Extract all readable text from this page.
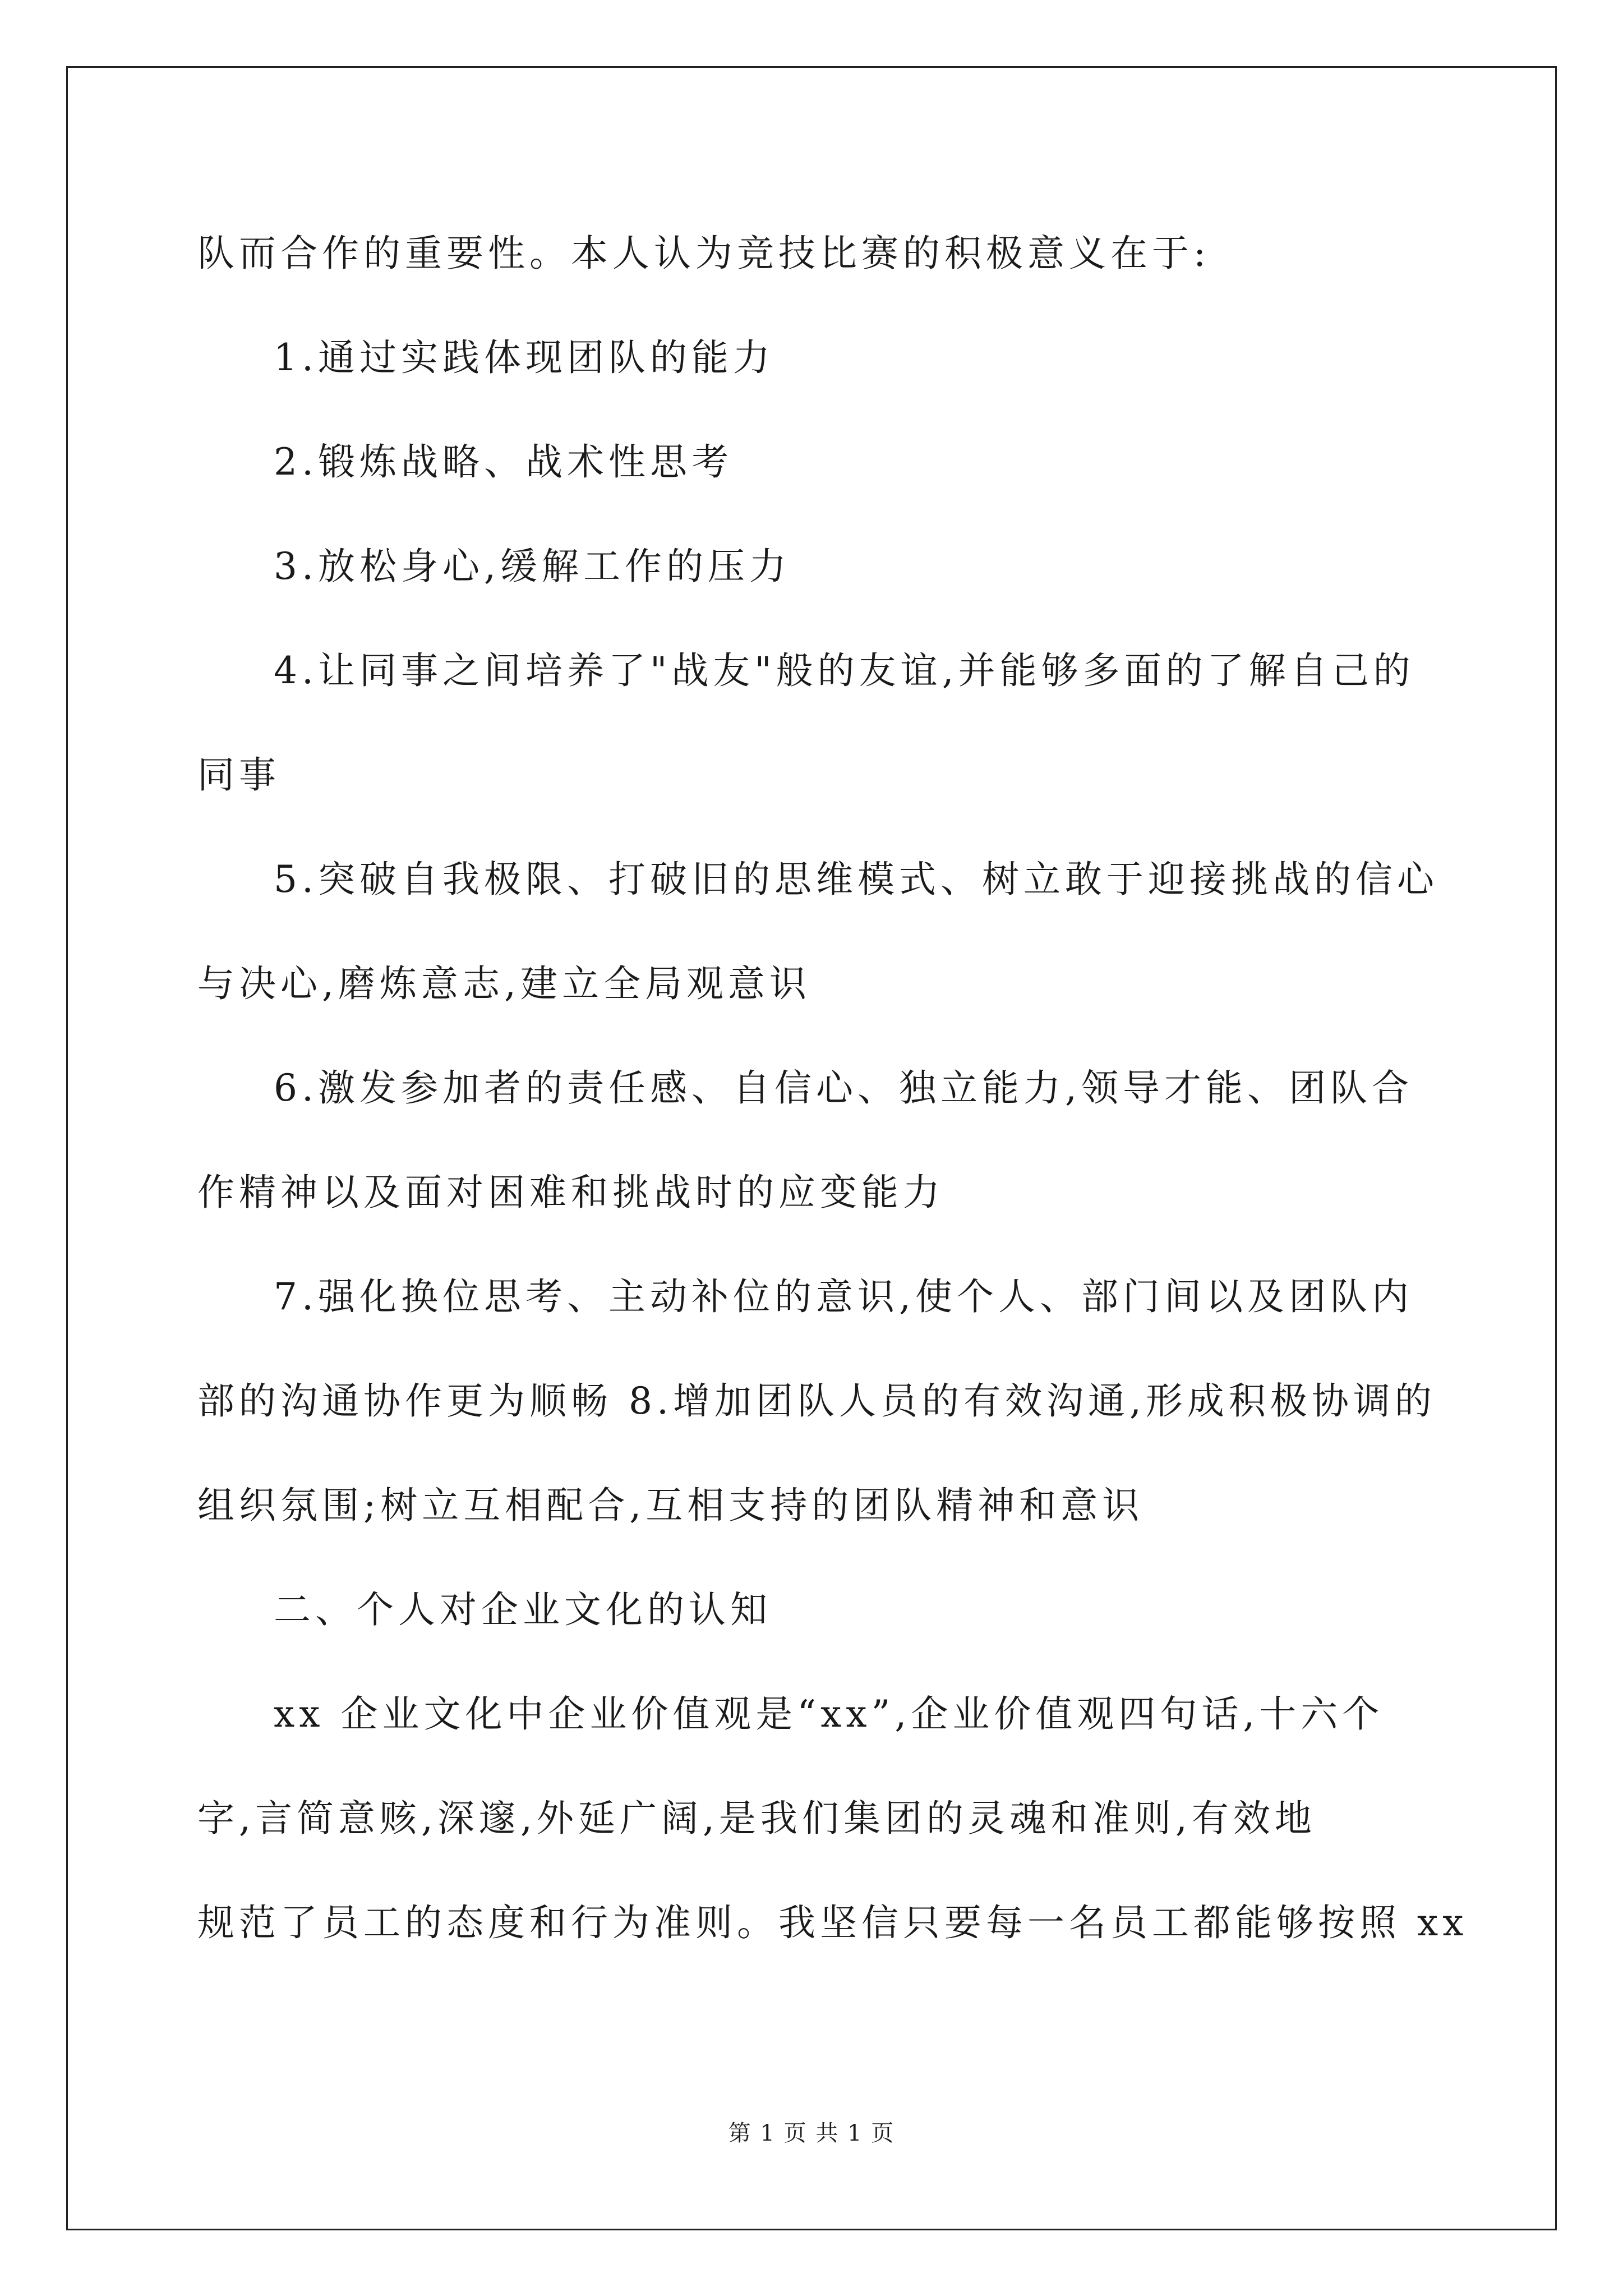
队而合作的重要性。本人认为竞技比赛的积极意义在于:
1.通过实践体现团队的能力
2.锻炼战略、战术性思考
3.放松身心,缓解工作的压力
4.让同事之间培养了"战友"般的友谊,并能够多面的了解自己的
同事
5.突破自我极限、打破旧的思维模式、树立敢于迎接挑战的信心
与决心,磨炼意志,建立全局观意识
6.激发参加者的责任感、自信心、独立能力,领导才能、团队合
作精神以及面对困难和挑战时的应变能力
7.强化换位思考、主动补位的意识,使个人、部门间以及团队内
部的沟通协作更为顺畅 8.增加团队人员的有效沟通,形成积极协调的
组织氛围;树立互相配合,互相支持的团队精神和意识
二、个人对企业文化的认知
xx 企业文化中企业价值观是“xx”,企业价值观四句话,十六个
字,言简意赅,深邃,外延广阔,是我们集团的灵魂和准则,有效地
规范了员工的态度和行为准则。我坚信只要每一名员工都能够按照 xx
第 1 页 共 1 页
